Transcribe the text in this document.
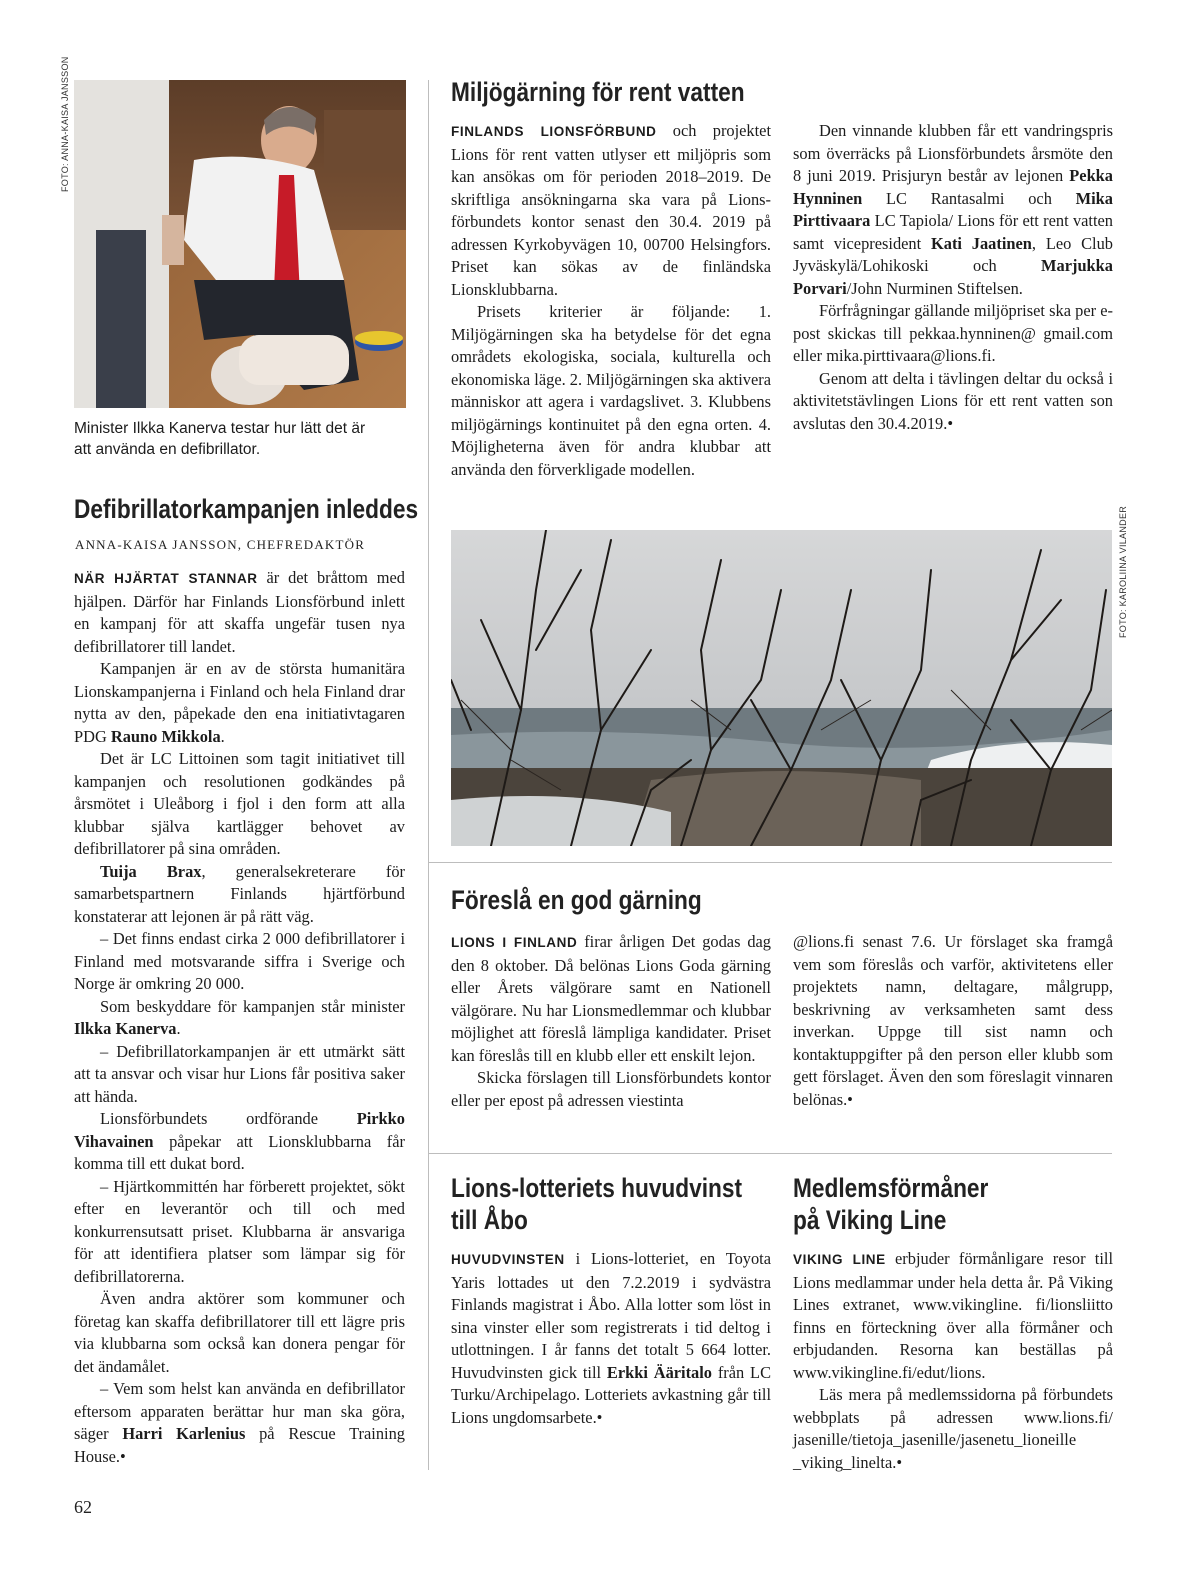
FOTO: ANNA-KAISA JANSSON

Minister Ilkka Kanerva testar hur lätt det är att använda en defibrillator.

Defibrillatorkampanjen inleddes

ANNA-KAISA JANSSON, CHEFREDAKTÖR

NÄR HJÄRTAT STANNAR är det bråttom med hjälpen. Därför har Finlands Lionsförbund inlett en kampanj för att skaffa ungefär tusen nya defibrillatorer till landet.

Kampanjen är en av de största humanitära Lionskampanjerna i Finland och hela Finland drar nytta av den, påpekade den ena initiativtagaren PDG Rauno Mikkola.

Det är LC Littoinen som tagit initiativet till kampanjen och resolutionen godkändes på årsmötet i Uleåborg i fjol i den form att alla klubbar själva kartlägger behovet av defibrillatorer på sina områden.

Tuija Brax, generalsekreterare för samarbetspartnern Finlands hjärtförbund konstaterar att lejonen är på rätt väg.

– Det finns endast cirka 2 000 defibrillatorer i Finland med motsvarande siffra i Sverige och Norge är omkring 20 000.

Som beskyddare för kampanjen står minister Ilkka Kanerva.

– Defibrillatorkampanjen är ett utmärkt sätt att ta ansvar och visar hur Lions får positiva saker att hända.

Lionsförbundets ordförande Pirkko Vihavainen påpekar att Lionsklubbarna får komma till ett dukat bord.

– Hjärtkommittén har förberett projektet, sökt efter en leverantör och till och med konkurrensutsatt priset. Klubbarna är ansvariga för att identifiera platser som lämpar sig för defibrillatorerna.

Även andra aktörer som kommuner och företag kan skaffa defibrillatorer till ett lägre pris via klubbarna som också kan donera pengar för det ändamålet.

– Vem som helst kan använda en defibrillator eftersom apparaten berättar hur man ska göra, säger Harri Karlenius på Rescue Training House.•

Miljögärning för rent vatten

FINLANDS LIONSFÖRBUND och projektet Lions för rent vatten utlyser ett miljöpris som kan ansökas om för perioden 2018–2019. De skriftliga ansökningarna ska vara på Lions-förbundets kontor senast den 30.4. 2019 på adressen Kyrkobyvägen 10, 00700 Helsingfors. Priset kan sökas av de finländska Lionsklubbarna.

Prisets kriterier är följande: 1. Miljögärningen ska ha betydelse för det egna områdets ekologiska, sociala, kulturella och ekonomiska läge. 2. Miljögärningen ska aktivera människor att agera i vardagslivet. 3. Klubbens miljögärnings kontinuitet på den egna orten. 4. Möjligheterna även för andra klubbar att använda den förverkligade modellen.

Den vinnande klubben får ett vandringspris som överräcks på Lionsförbundets årsmöte den 8 juni 2019. Prisjuryn består av lejonen Pekka Hynninen LC Rantasalmi och Mika Pirttivaara LC Tapiola/ Lions för ett rent vatten samt vicepresident Kati Jaatinen, Leo Club Jyväskylä/Lohikoski och Marjukka Porvari/John Nurminen Stiftelsen.

Förfrågningar gällande miljöpriset ska per e-post skickas till pekkaa.hynninen@ gmail.com eller mika.pirttivaara@lions.fi.

Genom att delta i tävlingen deltar du också i aktivitetstävlingen Lions för ett rent vatten son avslutas den 30.4.2019.•

FOTO: KAROLIINA VILANDER
Föreslå en god gärning

LIONS I FINLAND firar årligen Det godas dag den 8 oktober. Då belönas Lions Goda gärning eller Årets välgörare samt en Nationell välgörare. Nu har Lionsmedlemmar och klubbar möjlighet att föreslå lämpliga kandidater. Priset kan föreslås till en klubb eller ett enskilt lejon.

Skicka förslagen till Lionsförbundets kontor eller per epost på adressen viestinta

@lions.fi senast 7.6. Ur förslaget ska framgå vem som föreslås och varför, aktivitetens eller projektets namn, deltagare, målgrupp, beskrivning av verksamheten samt dess inverkan. Uppge till sist namn och kontaktuppgifter på den person eller klubb som gett förslaget. Även den som föreslagit vinnaren belönas.•

Lions-lotteriets huvudvinst
till Åbo

HUVUDVINSTEN i Lions-lotteriet, en Toyota Yaris lottades ut den 7.2.2019 i sydvästra Finlands magistrat i Åbo. Alla lotter som löst in sina vinster eller som registrerats i tid deltog i utlottningen. I år fanns det totalt 5 664 lotter. Huvudvinsten gick till Erkki Ääritalo från LC Turku/Archipelago. Lotteriets avkastning går till Lions ungdomsarbete.•

Medlemsförmåner
på Viking Line

VIKING LINE erbjuder förmånligare resor till Lions medlammar under hela detta år. På Viking Lines extranet, www.vikingline. fi/lionsliitto finns en förteckning över alla förmåner och erbjudanden. Resorna kan beställas på www.vikingline.fi/edut/lions.

Läs mera på medlemssidorna på förbundets webbplats på adressen www.lions.fi/ jasenille/tietoja_jasenille/jasenetu_lioneille _viking_linelta.•

62
